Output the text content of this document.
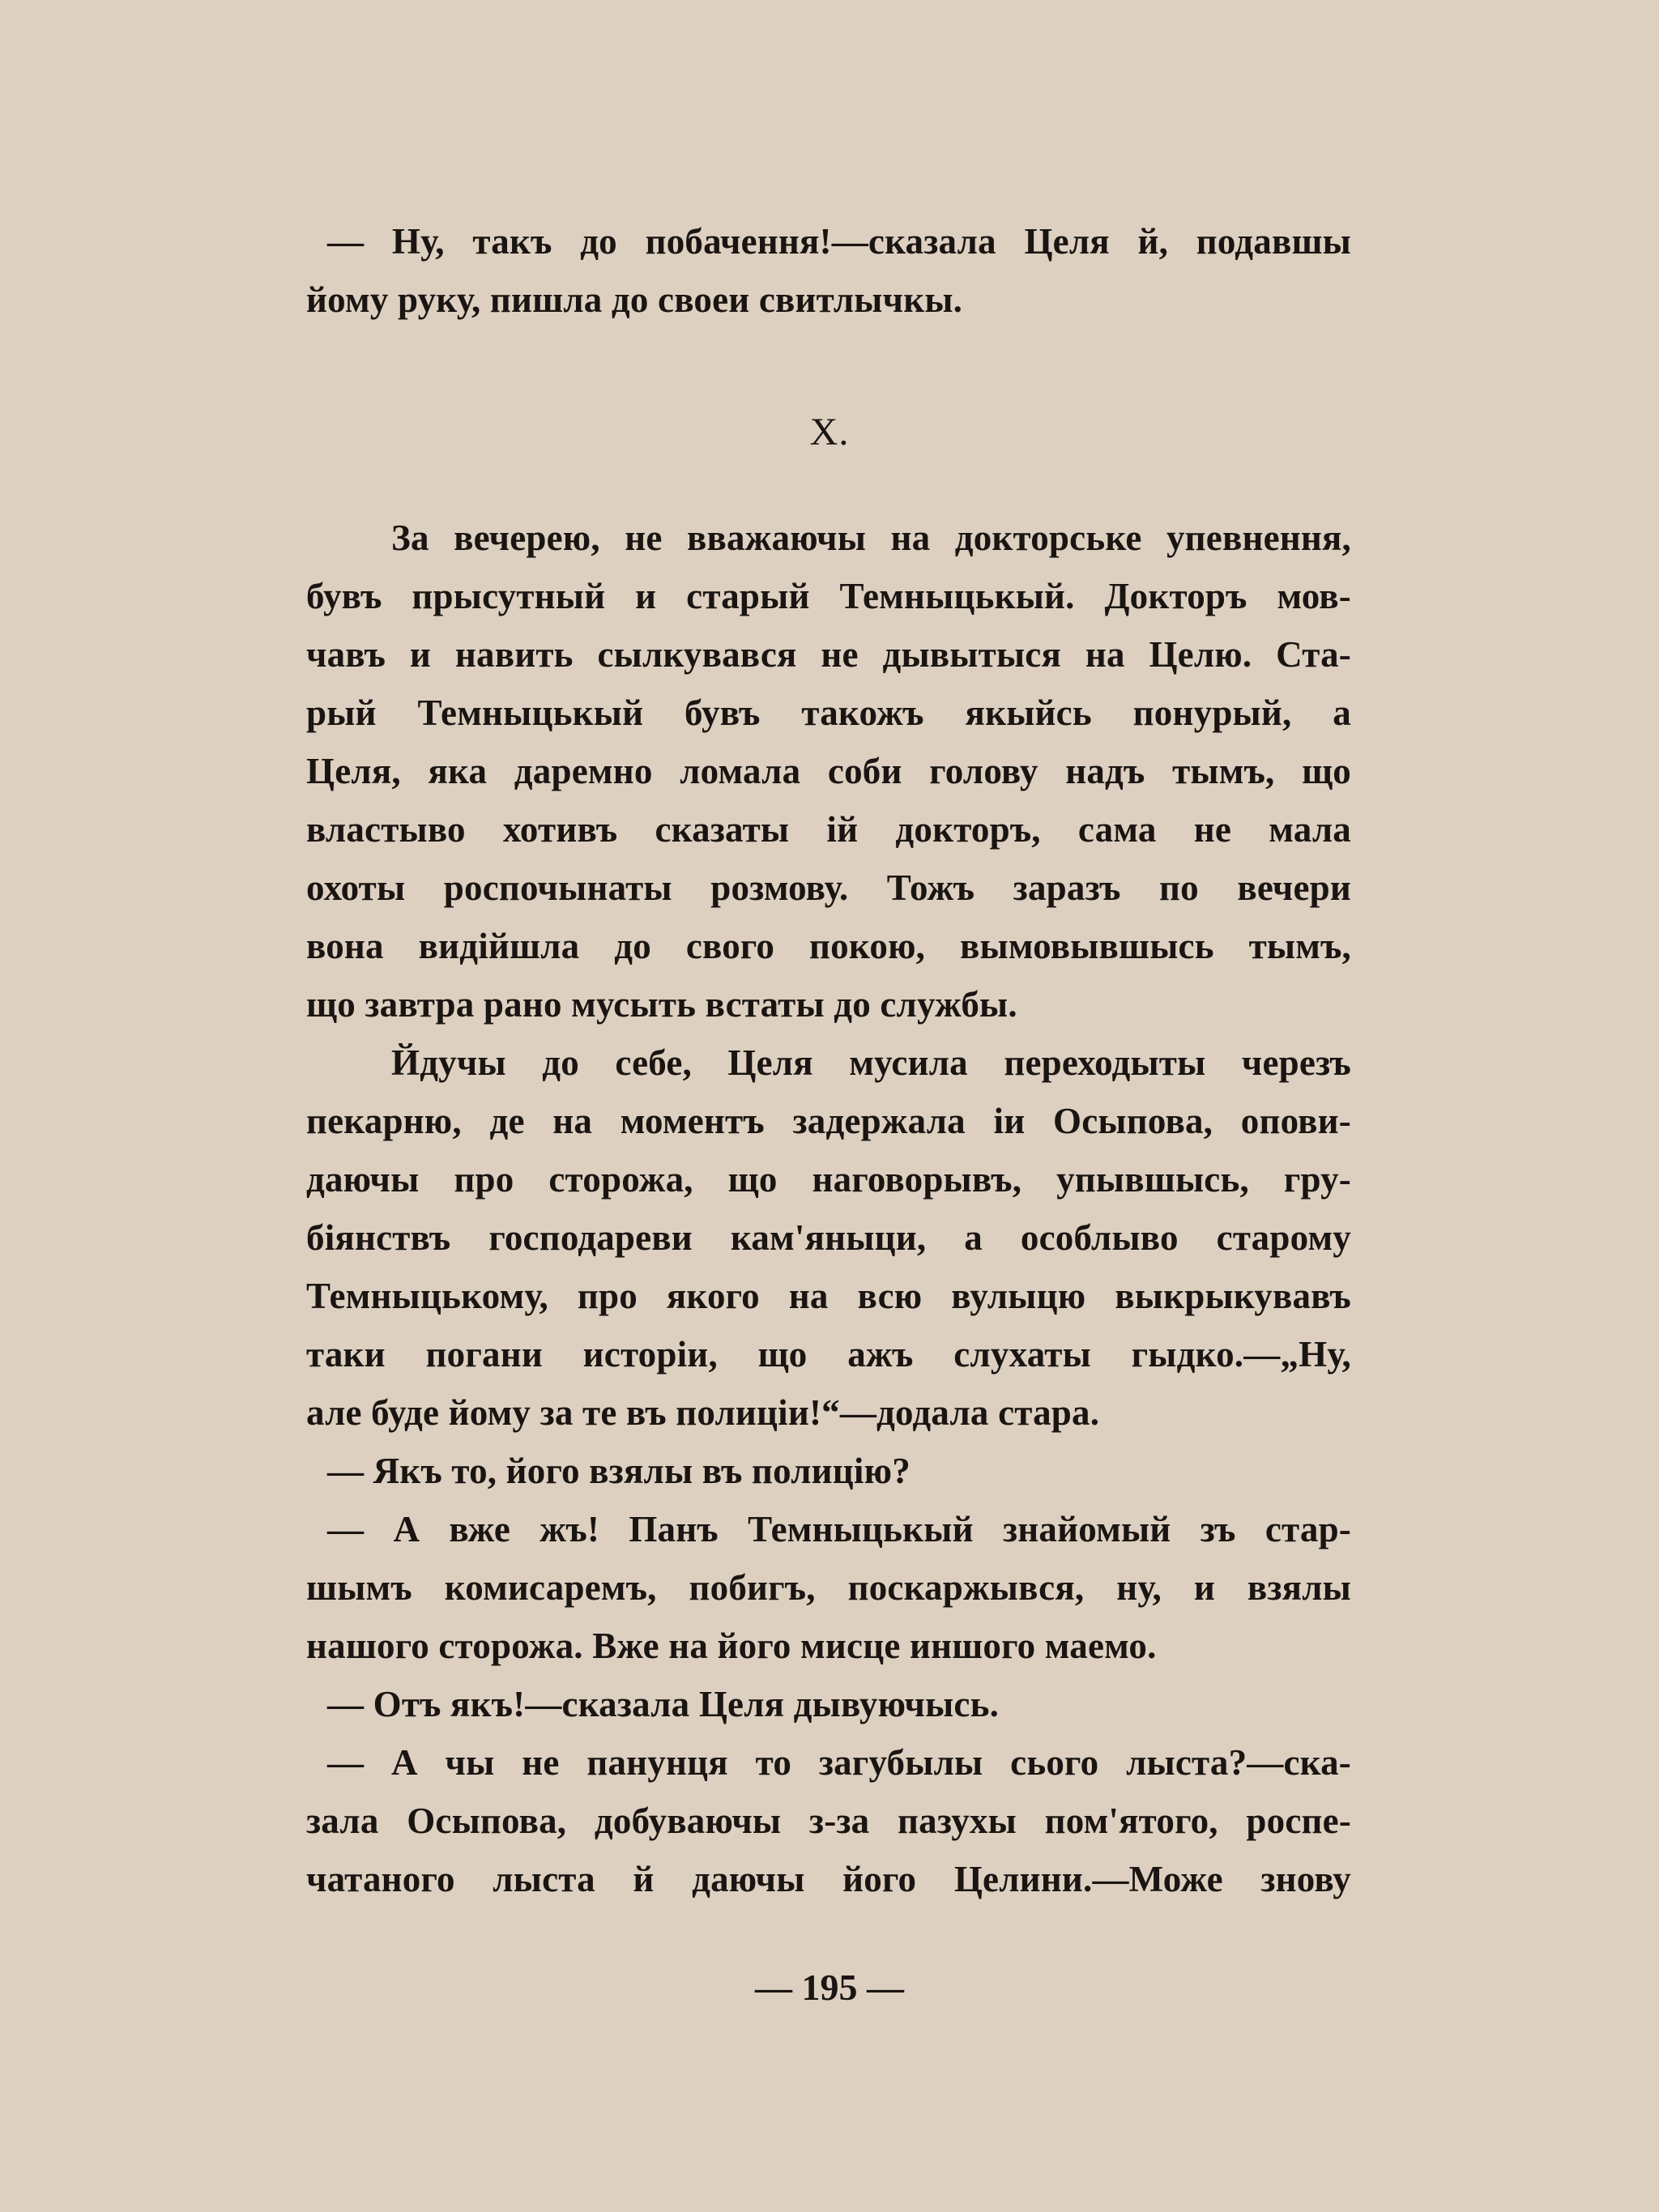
— Ну, такъ до побачення!—сказала Целя й, подавшы
йому руку, пишла до своеи свитлычкы.
X.
За вечерею, не вважаючы на докторське упевнення,
бувъ прысутный и старый Темныцькый. Докторъ мов-
чавъ и навить сылкувався не дывытыся на Целю. Ста-
рый Темныцькый бувъ такожъ якыйсь понурый, а
Целя, яка даремно ломала соби голову надъ тымъ, що
властыво хотивъ сказаты ій докторъ, сама не мала
охоты роспочынаты розмову. Тожъ заразъ по вечери
вона видійшла до свого покою, вымовывшысь тымъ,
що завтра рано мусыть встаты до службы.
Йдучы до себе, Целя мусила переходыты черезъ
пекарню, де на моментъ задержала іи Осыпова, опови-
даючы про сторожа, що наговорывъ, упывшысь, гру-
біянствъ господареви кам'яныци, а особлыво старому
Темныцькому, про якого на всю вулыцю выкрыкувавъ
таки погани исторіи, що ажъ слухаты гыдко.—„Ну,
але буде йому за те въ полиціи!“—додала стара.
— Якъ то, його взялы въ полицію?
— А вже жъ! Панъ Темныцькый знайомый зъ стар-
шымъ комисаремъ, побигъ, поскаржывся, ну, и взялы
нашого сторожа. Вже на його мисце иншого маемо.
— Отъ якъ!—сказала Целя дывуючысь.
— А чы не панунця то загубылы сього лыста?—ска-
зала Осыпова, добуваючы з-за пазухы пом'ятого, роспе-
чатаного лыста й даючы його Целини.—Може знову
— 195 —
